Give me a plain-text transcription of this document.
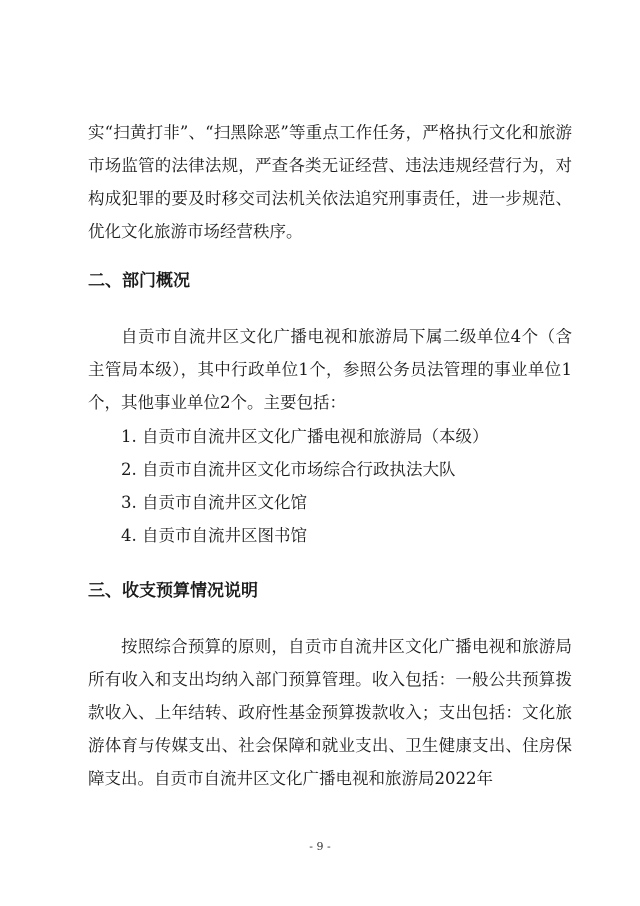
实“扫黄打非”、“扫黑除恶”等重点工作任务，严格执行文化和旅游市场监管的法律法规，严查各类无证经营、违法违规经营行为，对构成犯罪的要及时移交司法机关依法追究刑事责任，进一步规范、优化文化旅游市场经营秩序。

二、部门概况

自贡市自流井区文化广播电视和旅游局下属二级单位4个（含主管局本级），其中行政单位1个，参照公务员法管理的事业单位1个，其他事业单位2个。主要包括：

1. 自贡市自流井区文化广播电视和旅游局（本级）
2. 自贡市自流井区文化市场综合行政执法大队
3. 自贡市自流井区文化馆
4. 自贡市自流井区图书馆
三、收支预算情况说明

按照综合预算的原则，自贡市自流井区文化广播电视和旅游局所有收入和支出均纳入部门预算管理。收入包括：一般公共预算拨款收入、上年结转、政府性基金预算拨款收入；支出包括：文化旅游体育与传媒支出、社会保障和就业支出、卫生健康支出、住房保障支出。自贡市自流井区文化广播电视和旅游局2022年

- 9 -
